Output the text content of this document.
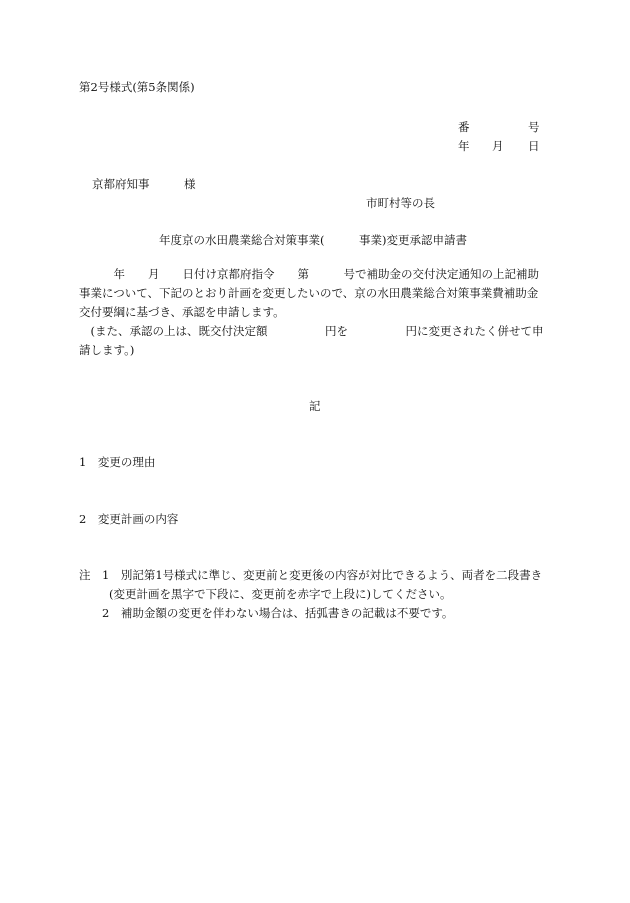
第2号様式(第5条関係)
番	号
年 月 日
京都府知事	様
市町村等の長
年度京の水田農業総合対策事業(　　　事業)変更承認申請書
　　　年　　月　　日付け京都府指令　　第　　　号で補助金の交付決定通知の上記補助
事業について、下記のとおり計画を変更したいので、京の水田農業総合対策事業費補助金
交付要綱に基づき、承認を申請します。
　(また、承認の上は、既交付決定額　　　　　円を　　　　　円に変更されたく併せて申
請します。)
記
1　変更の理由
2　変更計画の内容
注　1　別記第1号様式に準じ、変更前と変更後の内容が対比できるよう、両者を二段書き
(変更計画を黒字で下段に、変更前を赤字で上段に)してください。
2　補助金額の変更を伴わない場合は、括弧書きの記載は不要です。
